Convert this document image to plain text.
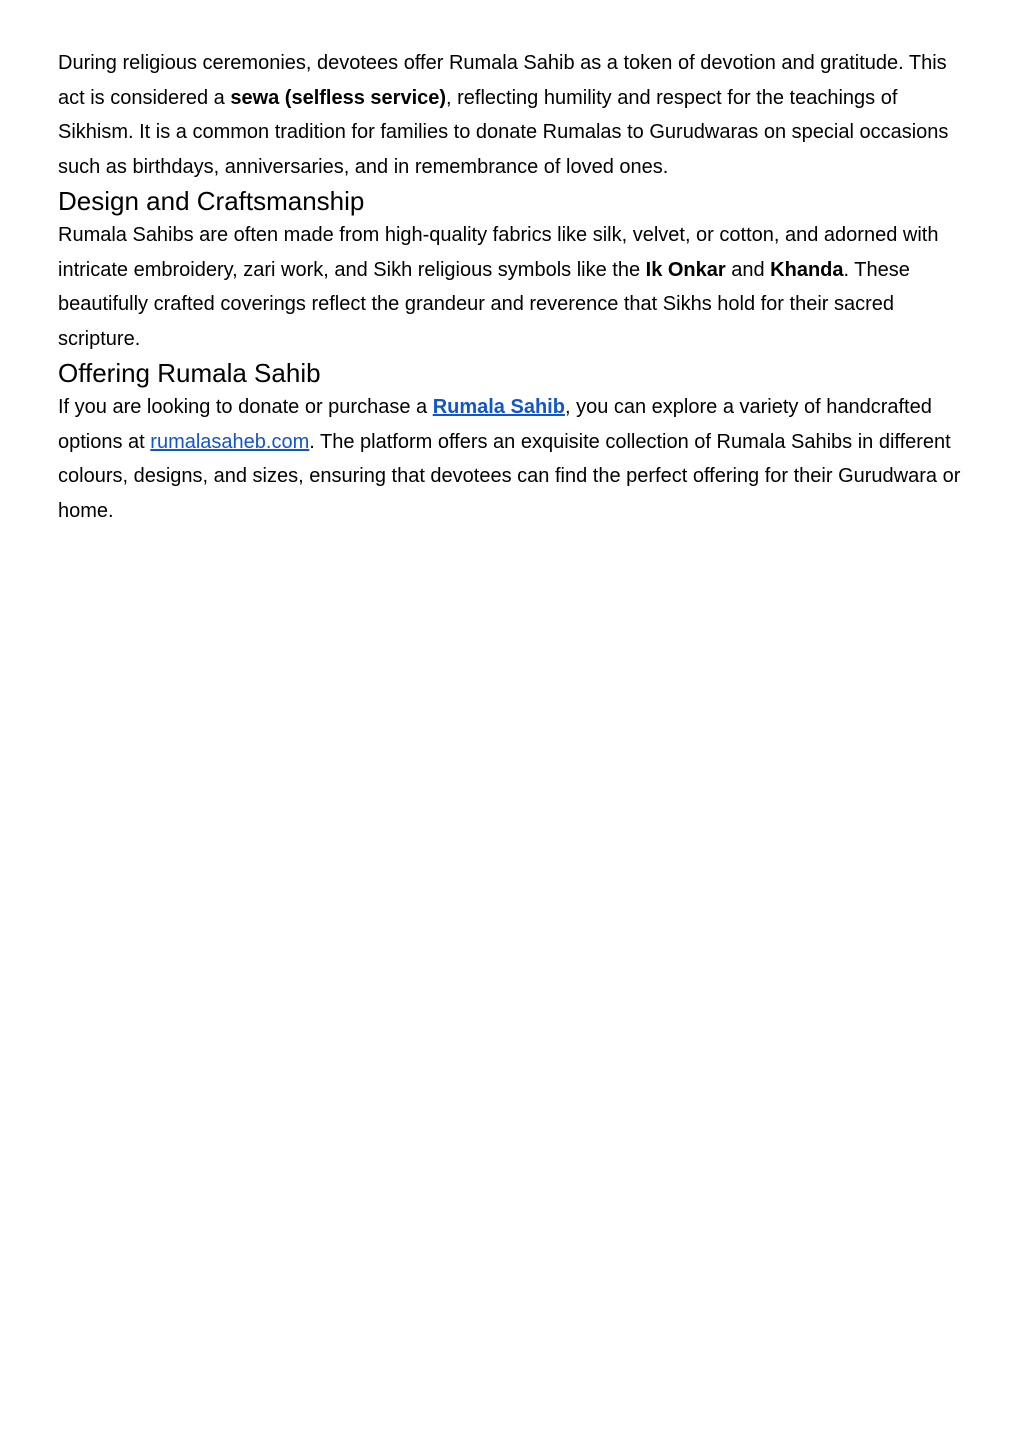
During religious ceremonies, devotees offer Rumala Sahib as a token of devotion and gratitude. This act is considered a sewa (selfless service), reflecting humility and respect for the teachings of Sikhism. It is a common tradition for families to donate Rumalas to Gurudwaras on special occasions such as birthdays, anniversaries, and in remembrance of loved ones.

Design and Craftsmanship

Rumala Sahibs are often made from high-quality fabrics like silk, velvet, or cotton, and adorned with intricate embroidery, zari work, and Sikh religious symbols like the Ik Onkar and Khanda. These beautifully crafted coverings reflect the grandeur and reverence that Sikhs hold for their sacred scripture.

Offering Rumala Sahib

If you are looking to donate or purchase a Rumala Sahib, you can explore a variety of handcrafted options at rumalasaheb.com. The platform offers an exquisite collection of Rumala Sahibs in different colours, designs, and sizes, ensuring that devotees can find the perfect offering for their Gurudwara or home.
